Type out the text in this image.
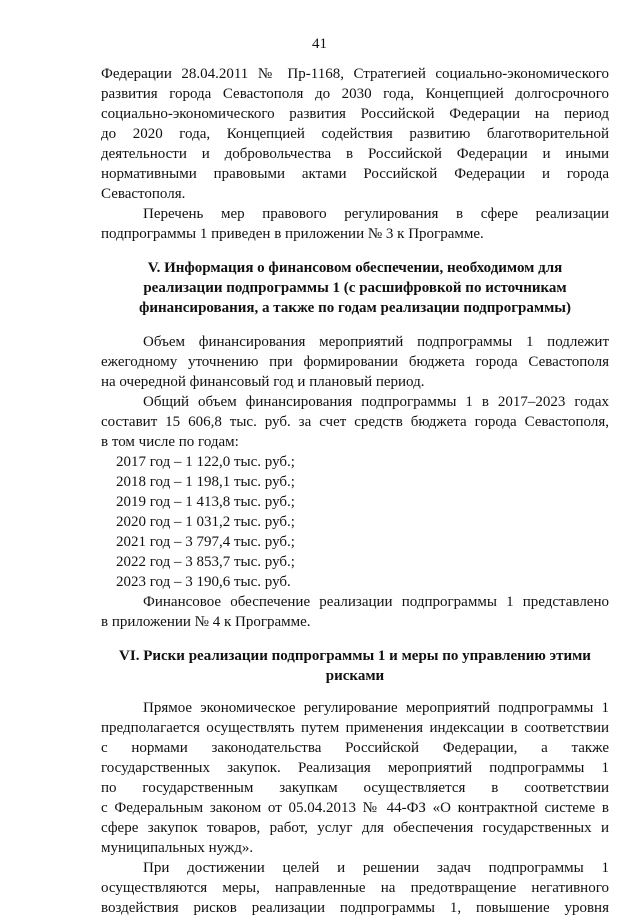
41
Федерации 28.04.2011 № Пр-1168, Стратегией социально-экономического
развития города Севастополя до 2030 года, Концепцией долгосрочного
социально-экономического развития Российской Федерации на период
до 2020 года, Концепцией содействия развитию благотворительной
деятельности и добровольчества в Российской Федерации и иными
нормативными правовыми актами Российской Федерации и города
Севастополя.
Перечень мер правового регулирования в сфере реализации
подпрограммы 1 приведен в приложении № 3 к Программе.
V. Информация о финансовом обеспечении, необходимом для
реализации подпрограммы 1 (с расшифровкой по источникам
финансирования, а также по годам реализации подпрограммы)
Объем финансирования мероприятий подпрограммы 1 подлежит
ежегодному уточнению при формировании бюджета города Севастополя
на очередной финансовый год и плановый период.
Общий объем финансирования подпрограммы 1 в 2017–2023 годах
составит 15 606,8 тыс. руб. за счет средств бюджета города Севастополя,
в том числе по годам:
2017 год – 1 122,0 тыс. руб.;
2018 год – 1 198,1 тыс. руб.;
2019 год – 1 413,8 тыс. руб.;
2020 год – 1 031,2 тыс. руб.;
2021 год – 3 797,4 тыс. руб.;
2022 год – 3 853,7 тыс. руб.;
2023 год – 3 190,6 тыс. руб.
Финансовое обеспечение реализации подпрограммы 1 представлено
в приложении № 4 к Программе.
VI. Риски реализации подпрограммы 1 и меры по управлению этими
рисками
Прямое экономическое регулирование мероприятий подпрограммы 1
предполагается осуществлять путем применения индексации в соответствии
с нормами законодательства Российской Федерации, а также
государственных закупок. Реализация мероприятий подпрограммы 1
по государственным закупкам осуществляется в соответствии
с Федеральным законом от 05.04.2013 № 44-ФЗ «О контрактной системе в
сфере закупок товаров, работ, услуг для обеспечения государственных и
муниципальных нужд».
При достижении целей и решении задач подпрограммы 1
осуществляются меры, направленные на предотвращение негативного
воздействия рисков реализации подпрограммы 1, повышение уровня
